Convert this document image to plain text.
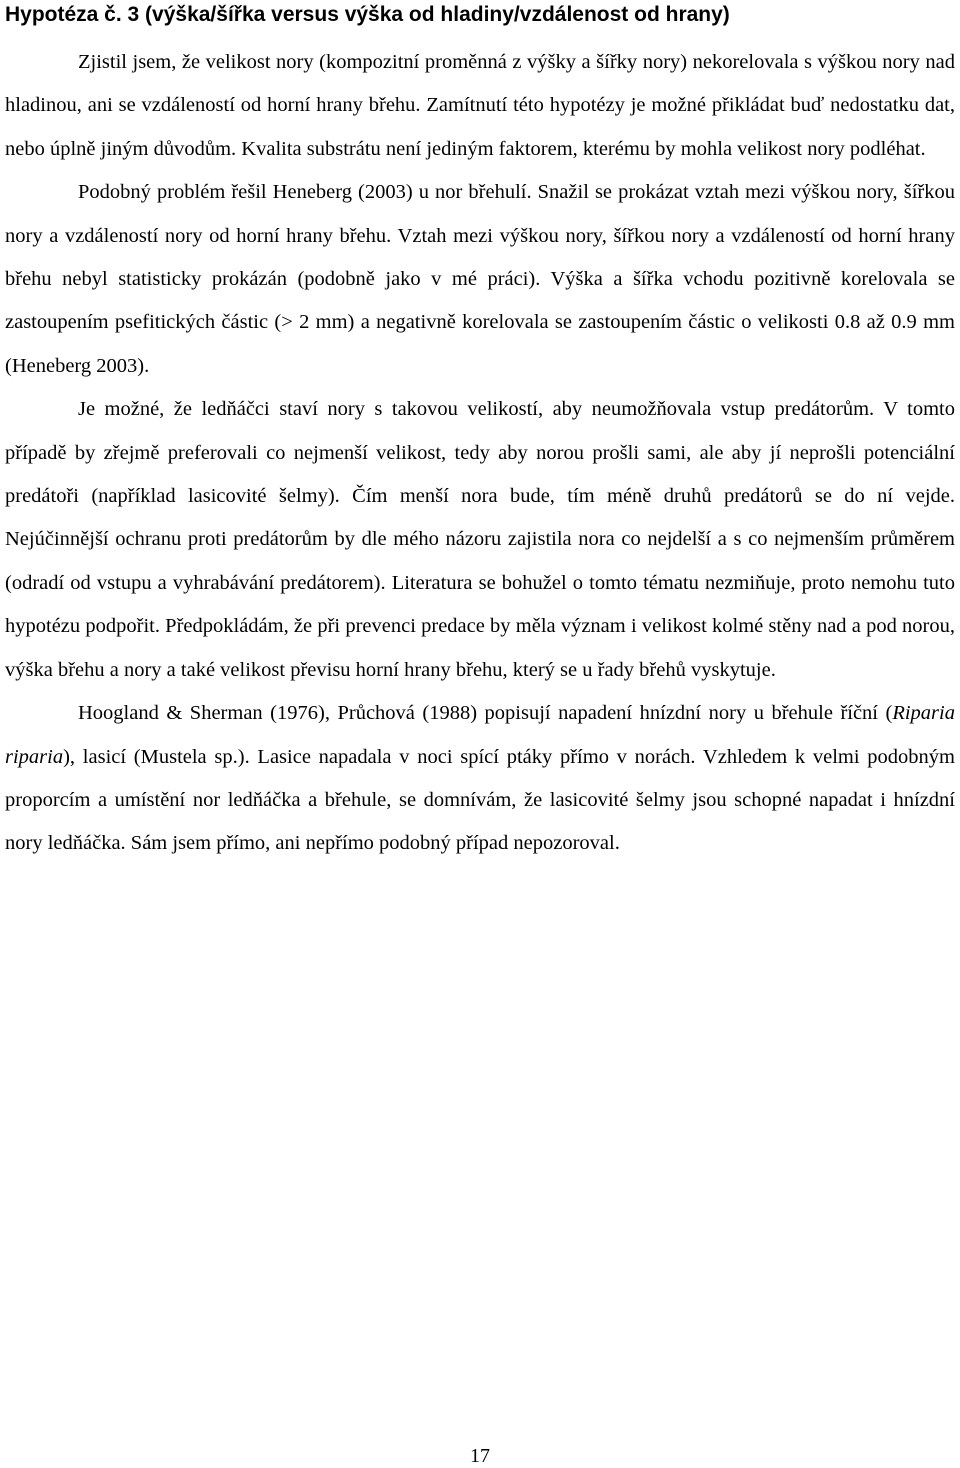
Hypotéza č. 3 (výška/šířka versus výška od hladiny/vzdálenost od hrany)

Zjistil jsem, že velikost nory (kompozitní proměnná z výšky a šířky nory) nekorelovala s výškou nory nad hladinou, ani se vzdáleností od horní hrany břehu. Zamítnutí této hypotézy je možné přikládat buď nedostatku dat, nebo úplně jiným důvodům. Kvalita substrátu není jediným faktorem, kterému by mohla velikost nory podléhat.

Podobný problém řešil Heneberg (2003) u nor břehulí. Snažil se prokázat vztah mezi výškou nory, šířkou nory a vzdáleností nory od horní hrany břehu. Vztah mezi výškou nory, šířkou nory a vzdáleností od horní hrany břehu nebyl statisticky prokázán (podobně jako v mé práci). Výška a šířka vchodu pozitivně korelovala se zastoupením psefitických částic (> 2 mm) a negativně korelovala se zastoupením částic o velikosti 0.8 až 0.9 mm (Heneberg 2003).

Je možné, že ledňáčci staví nory s takovou velikostí, aby neumožňovala vstup predátorům. V tomto případě by zřejmě preferovali co nejmenší velikost, tedy aby norou prošli sami, ale aby jí neprošli potenciální predátoři (například lasicovité šelmy). Čím menší nora bude, tím méně druhů predátorů se do ní vejde. Nejúčinnější ochranu proti predátorům by dle mého názoru zajistila nora co nejdelší a s co nejmenším průměrem (odradí od vstupu a vyhrabávání predátorem). Literatura se bohužel o tomto tématu nezmiňuje, proto nemohu tuto hypotézu podpořit. Předpokládám, že při prevenci predace by měla význam i velikost kolmé stěny nad a pod norou, výška břehu a nory a také velikost převisu horní hrany břehu, který se u řady břehů vyskytuje.

Hoogland & Sherman (1976), Průchová (1988) popisují napadení hnízdní nory u břehule říční (Riparia riparia), lasicí (Mustela sp.). Lasice napadala v noci spící ptáky přímo v norách. Vzhledem k velmi podobným proporcím a umístění nor ledňáčka a břehule, se domnívám, že lasicovité šelmy jsou schopné napadat i hnízdní nory ledňáčka. Sám jsem přímo, ani nepřímo podobný případ nepozoroval.

17
